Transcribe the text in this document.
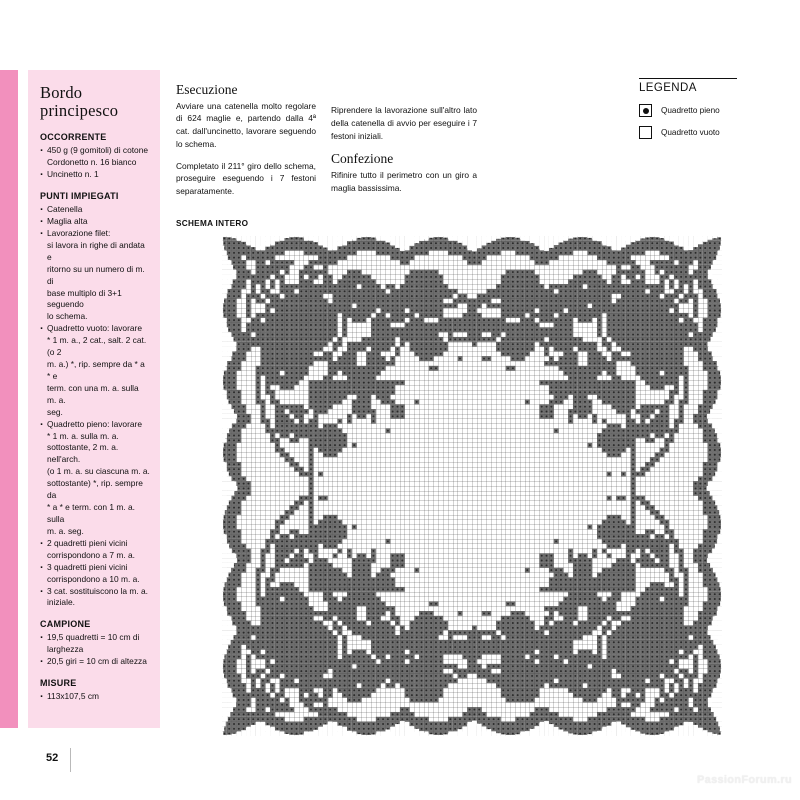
Bordo principesco
OCCORRENTE
· 450 g (9 gomitoli) di cotone
Cordonetto n. 16 bianco
· Uncinetto n. 1
PUNTI IMPIEGATI
· Catenella
· Maglia alta
· Lavorazione filet:
si lavora in righe di andata e
ritorno su un numero di m. di
base multiplo di 3+1 seguendo
lo schema.
· Quadretto vuoto: lavorare
* 1 m. a., 2 cat., salt. 2 cat. (o 2
m. a.) *, rip. sempre da * a * e
term. con una m. a. sulla m. a.
seg.
· Quadretto pieno: lavorare
* 1 m. a. sulla m. a.
sottostante, 2 m. a. nell'arch.
(o 1 m. a. su ciascuna m. a.
sottostante) *, rip. sempre da
* a * e term. con 1 m. a. sulla
m. a. seg.
· 2 quadretti pieni vicini
corrispondono a 7 m. a.
· 3 quadretti pieni vicini
corrispondono a 10 m. a.
· 3 cat. sostituiscono la m. a.
iniziale.
CAMPIONE
· 19,5 quadretti = 10 cm di
larghezza
· 20,5 giri = 10 cm di altezza
MISURE
· 113x107,5 cm
Esecuzione

Avviare una catenella molto regolare di 624 maglie e, partendo dalla 4ª cat. dall'uncinetto, lavorare seguendo lo schema.

Completato il 211° giro dello schema, proseguire eseguendo i 7 festoni separatamente.

Riprendere la lavorazione sull'altro lato della catenella di avvio per eseguire i 7 festoni iniziali.

Confezione

Rifinire tutto il perimetro con un giro a maglia bassissima.

SCHEMA INTERO
LEGENDA
Quadretto pieno
Quadretto vuoto
52
PassionForum.ru
